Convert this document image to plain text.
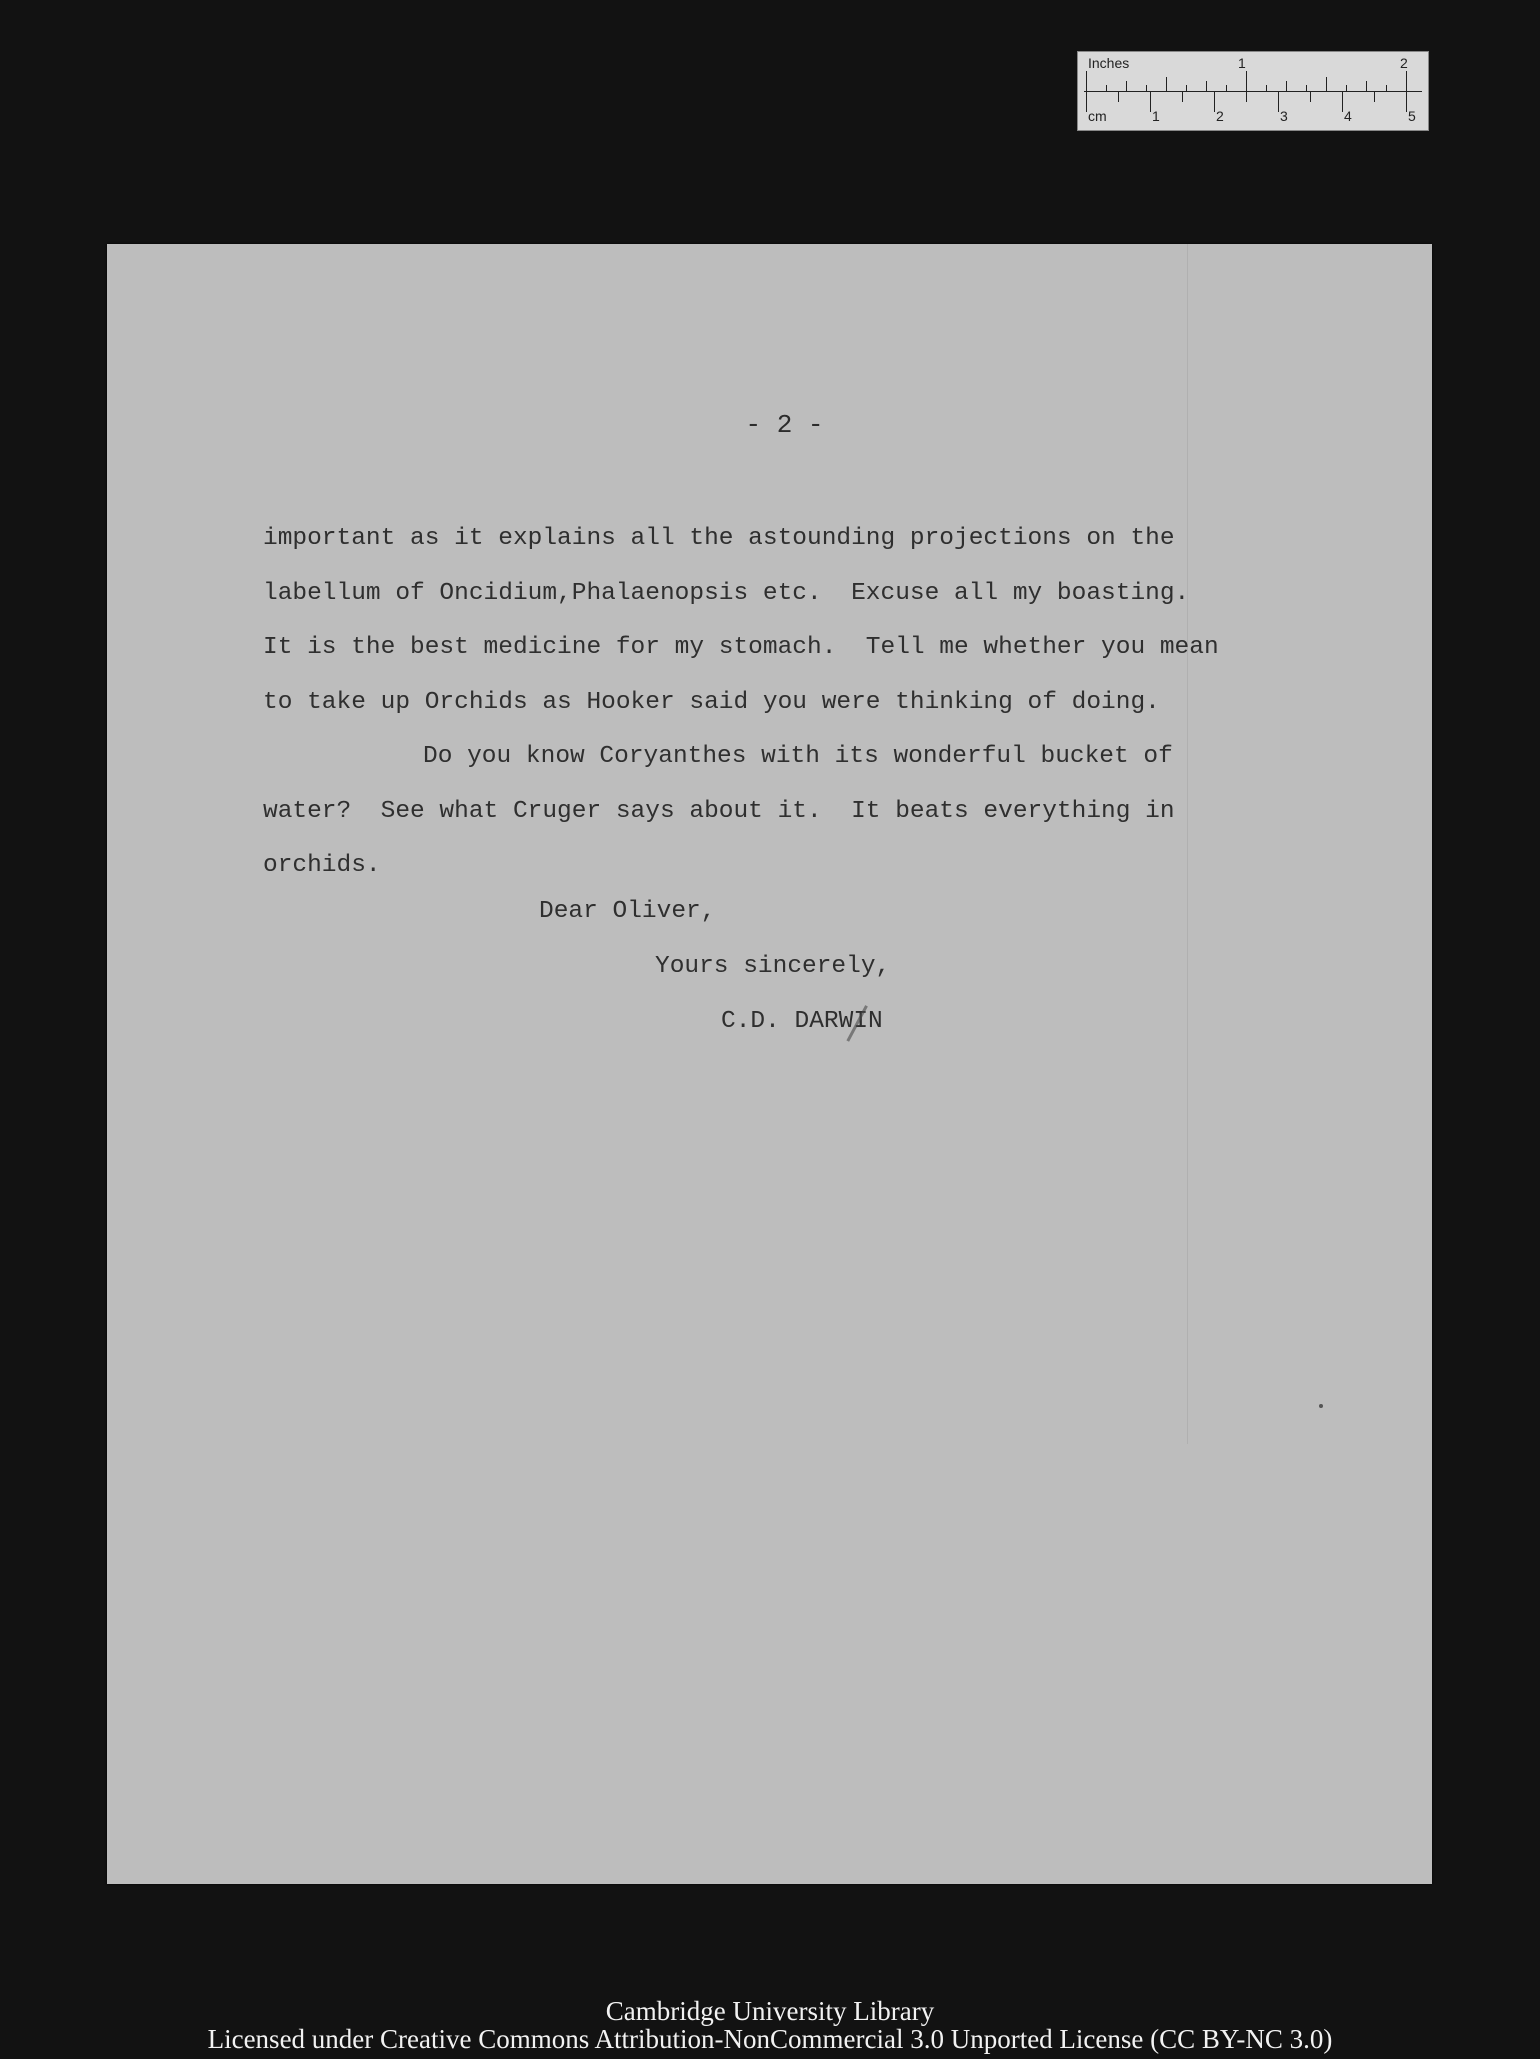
Inches	1	2
cm	1	2	3	4	5
- 2 -
important as it explains all the astounding projections on the
labellum of Oncidium,Phalaenopsis etc.  Excuse all my boasting.
It is the best medicine for my stomach.  Tell me whether you mean
to take up Orchids as Hooker said you were thinking of doing.
Do you know Coryanthes with its wonderful bucket of
water?  See what Cruger says about it.  It beats everything in
orchids.
Dear Oliver,
Yours sincerely,
C.D. DARWIN
Cambridge University Library
Licensed under Creative Commons Attribution-NonCommercial 3.0 Unported License (CC BY-NC 3.0)
